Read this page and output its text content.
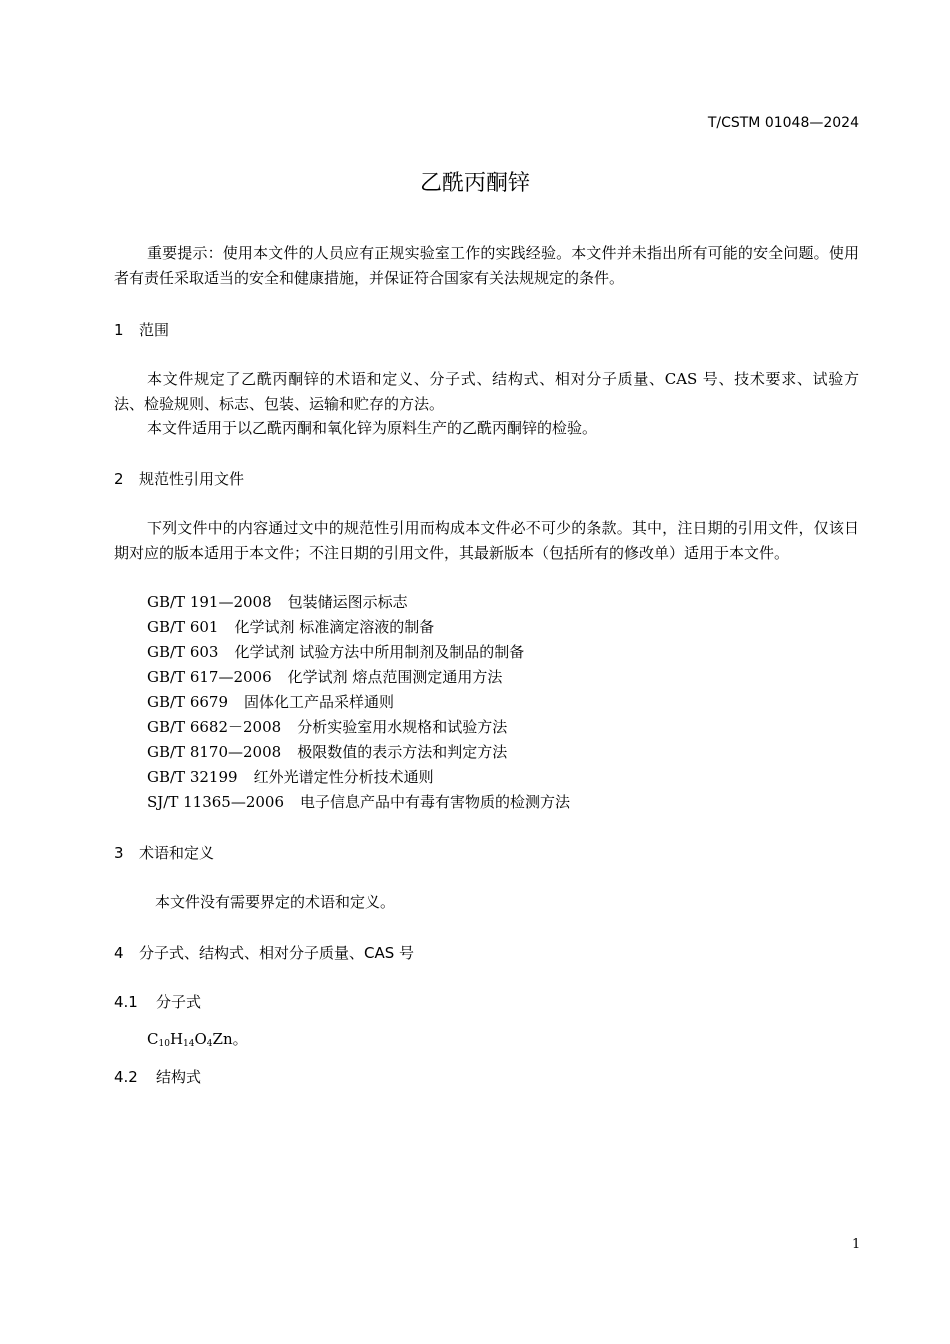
T/CSTM 01048—2024
乙酰丙酮锌
重要提示：使用本文件的人员应有正规实验室工作的实践经验。本文件并未指出所有可能的安全问题。使用者有责任采取适当的安全和健康措施，并保证符合国家有关法规规定的条件。
1 范围
本文件规定了乙酰丙酮锌的术语和定义、分子式、结构式、相对分子质量、CAS 号、技术要求、试验方法、检验规则、标志、包装、运输和贮存的方法。
本文件适用于以乙酰丙酮和氧化锌为原料生产的乙酰丙酮锌的检验。
2 规范性引用文件
下列文件中的内容通过文中的规范性引用而构成本文件必不可少的条款。其中，注日期的引用文件，仅该日期对应的版本适用于本文件；不注日期的引用文件，其最新版本（包括所有的修改单）适用于本文件。
GB/T 191—2008 包装储运图示标志
GB/T 601 化学试剂 标准滴定溶液的制备
GB/T 603 化学试剂 试验方法中所用制剂及制品的制备
GB/T 617—2006 化学试剂 熔点范围测定通用方法
GB/T 6679 固体化工产品采样通则
GB/T 6682－2008 分析实验室用水规格和试验方法
GB/T 8170—2008 极限数值的表示方法和判定方法
GB/T 32199 红外光谱定性分析技术通则
SJ/T 11365—2006 电子信息产品中有毒有害物质的检测方法
3 术语和定义
本文件没有需要界定的术语和定义。
4 分子式、结构式、相对分子质量、CAS 号
4.1 分子式
$C_{10}H_{14}O_4Zn$。
4.2 结构式
1
